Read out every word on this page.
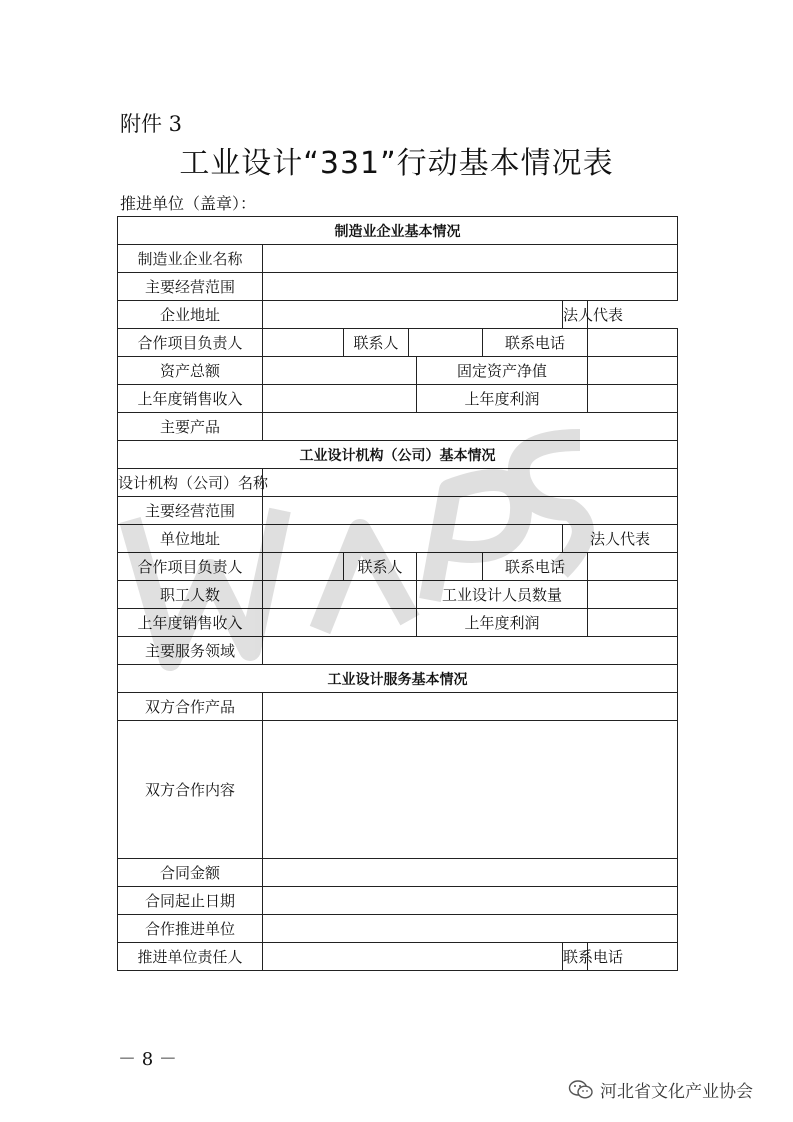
附件 3
工业设计“331”行动基本情况表
推进单位（盖章）：
制造业企业基本情况							
制造业企业名称							
主要经营范围							
企业地址						法人代表	
合作项目负责人		联系人			联系电话		
资产总额				固定资产净值			
上年度销售收入				上年度利润			
主要产品							
工业设计机构（公司）基本情况							
设计机构（公司）名称							
主要经营范围							
单位地址						法人代表	
合作项目负责人		联系人			联系电话		
职工人数				工业设计人员数量			
上年度销售收入				上年度利润			
主要服务领域							
工业设计服务基本情况							
双方合作产品							
双方合作内容							
合同金额							
合同起止日期							
合作推进单位							
推进单位责任人						联系电话	
－ 8 －
河北省文化产业协会
